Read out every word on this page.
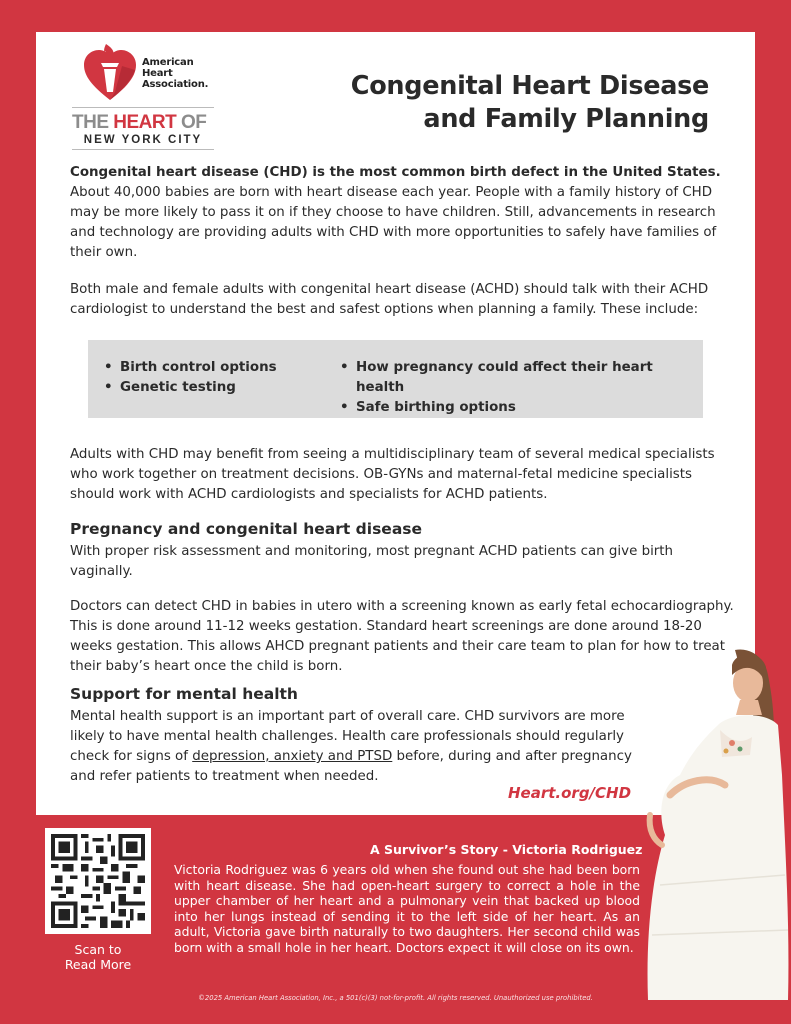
American
Heart
Association.
THE HEART OF
NEW YORK CITY
Congenital Heart Disease
and Family Planning

Congenital heart disease (CHD) is the most common birth defect in the United States. About 40,000 babies are born with heart disease each year. People with a family history of CHD may be more likely to pass it on if they choose to have children. Still, advancements in research and technology are providing adults with CHD with more opportunities to safely have families of their own.

Both male and female adults with congenital heart disease (ACHD) should talk with their ACHD cardiologist to understand the best and safest options when planning a family. These include:

• Birth control options
• Genetic testing
• How pregnancy could affect their heart health
• Safe birthing options

Adults with CHD may benefit from seeing a multidisciplinary team of several medical specialists who work together on treatment decisions. OB-GYNs and maternal-fetal medicine specialists should work with ACHD cardiologists and specialists for ACHD patients.

Pregnancy and congenital heart disease

With proper risk assessment and monitoring, most pregnant ACHD patients can give birth vaginally.

Doctors can detect CHD in babies in utero with a screening known as early fetal echocardiography. This is done around 11-12 weeks gestation. Standard heart screenings are done around 18-20 weeks gestation. This allows AHCD pregnant patients and their care team to plan for how to treat their baby’s heart once the child is born.

Support for mental health

Mental health support is an important part of overall care. CHD survivors are more likely to have mental health challenges. Health care professionals should regularly check for signs of depression, anxiety and PTSD before, during and after pregnancy and refer patients to treatment when needed.

Heart.org/CHD
Scan to
Read More
A Survivor’s Story - Victoria Rodriguez

Victoria Rodriguez was 6 years old when she found out she had been born with heart disease. She had open-heart surgery to correct a hole in the upper chamber of her heart and a pulmonary vein that backed up blood into her lungs instead of sending it to the left side of her heart. As an adult, Victoria gave birth naturally to two daughters. Her second child was born with a small hole in her heart. Doctors expect it will close on its own.

©2025 American Heart Association, Inc., a 501(c)(3) not-for-profit. All rights reserved. Unauthorized use prohibited.
